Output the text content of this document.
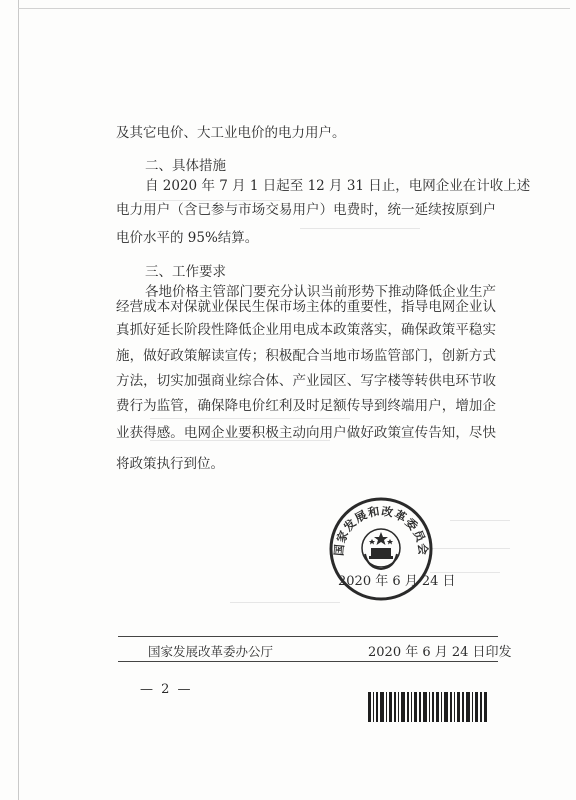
及其它电价、大工业电价的电力用户。
二、具体措施
自 2020 年 7 月 1 日起至 12 月 31 日止，电网企业在计收上述
电力用户（含已参与市场交易用户）电费时，统一延续按原到户
电价水平的 95%结算。
三、工作要求
各地价格主管部门要充分认识当前形势下推动降低企业生产
经营成本对保就业保民生保市场主体的重要性，指导电网企业认
真抓好延长阶段性降低企业用电成本政策落实，确保政策平稳实
施，做好政策解读宣传；积极配合当地市场监管部门，创新方式
方法，切实加强商业综合体、产业园区、写字楼等转供电环节收
费行为监管，确保降电价红利及时足额传导到终端用户，增加企
业获得感。电网企业要积极主动向用户做好政策宣传告知，尽快
将政策执行到位。
国家发展和改革委员会
2020 年 6 月 24 日
国家发展改革委办公厅	2020 年 6 月 24 日印发
— 2 —
